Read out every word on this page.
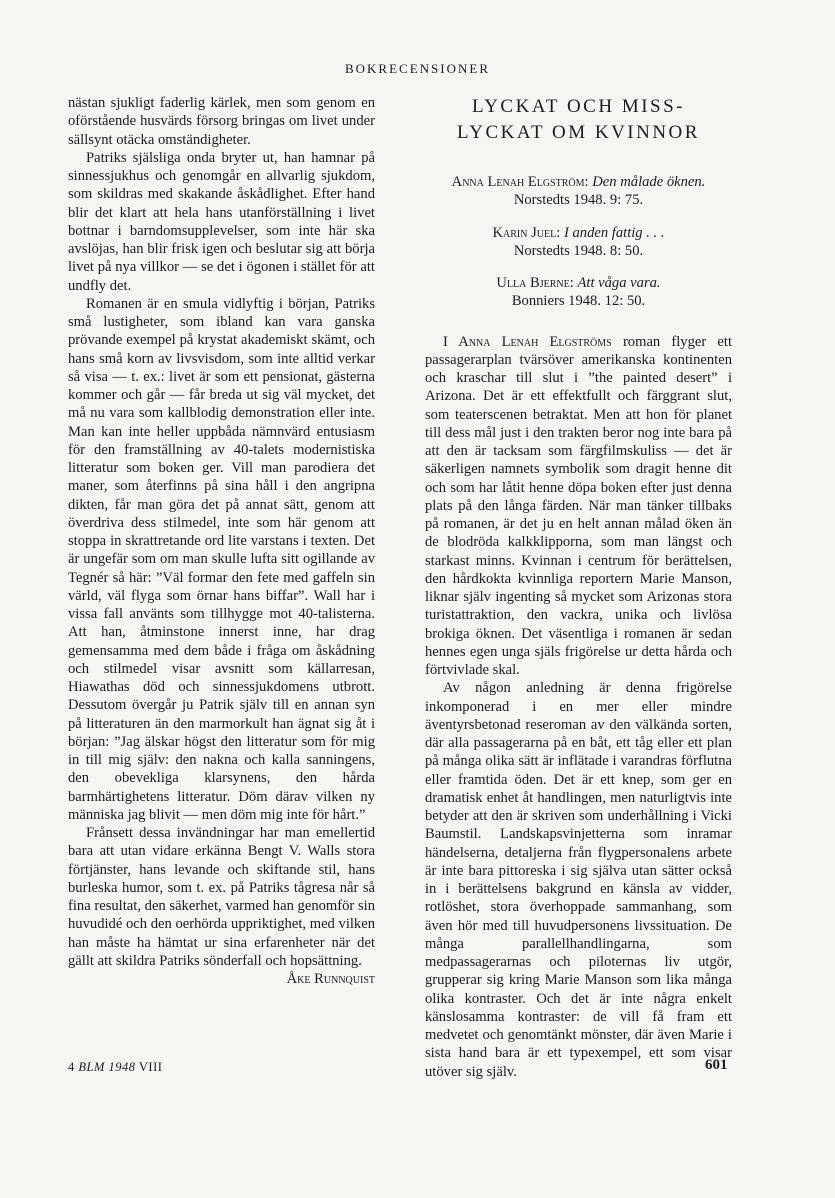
BOKRECENSIONER

nästan sjukligt faderlig kärlek, men som genom en oförstående husvärds försorg bringas om livet under sällsynt otäcka omständigheter.

Patriks själsliga onda bryter ut, han hamnar på sinnessjukhus och genomgår en allvarlig sjukdom, som skildras med skakande åskådlighet. Efter hand blir det klart att hela hans utanförställning i livet bottnar i barndomsupplevelser, som inte här ska avslöjas, han blir frisk igen och beslutar sig att börja livet på nya villkor — se det i ögonen i stället för att undfly det.

Romanen är en smula vidlyftig i början, Patriks små lustigheter, som ibland kan vara ganska prövande exempel på krystat akademiskt skämt, och hans små korn av livsvisdom, som inte alltid verkar så visa — t. ex.: livet är som ett pensionat, gästerna kommer och går — får breda ut sig väl mycket, det må nu vara som kallblodig demonstration eller inte. Man kan inte heller uppbåda nämnvärd entusiasm för den framställning av 40-talets modernistiska litteratur som boken ger. Vill man parodiera det maner, som återfinns på sina håll i den angripna dikten, får man göra det på annat sätt, genom att överdriva dess stilmedel, inte som här genom att stoppa in skrattretande ord lite varstans i texten. Det är ungefär som om man skulle lufta sitt ogillande av Tegnér så här: ”Väl formar den fete med gaffeln sin värld, väl flyga som örnar hans biffar”. Wall har i vissa fall använts som tillhygge mot 40-talisterna. Att han, åtminstone innerst inne, har drag gemensamma med dem både i fråga om åskådning och stilmedel visar avsnitt som källarresan, Hiawathas död och sinnessjukdomens utbrott. Dessutom övergår ju Patrik själv till en annan syn på litteraturen än den marmorkult han ägnat sig åt i början: ”Jag älskar högst den litteratur som för mig in till mig själv: den nakna och kalla sanningens, den obevekliga klarsynens, den hårda barmhärtighetens litteratur. Döm därav vilken ny människa jag blivit — men döm mig inte för hårt.”

Frånsett dessa invändningar har man emellertid bara att utan vidare erkänna Bengt V. Walls stora förtjänster, hans levande och skiftande stil, hans burleska humor, som t. ex. på Patriks tågresa når så fina resultat, den säkerhet, varmed han genomför sin huvudidé och den oerhörda uppriktighet, med vilken han måste ha hämtat ur sina erfarenheter när det gällt att skildra Patriks sönderfall och hopsättning.

Åke Runnquist

LYCKAT OCH MISS-
LYCKAT OM KVINNOR
Anna Lenah Elgström: Den målade öknen.
Norstedts 1948. 9: 75.
Karin Juel: I anden fattig . . .
Norstedts 1948. 8: 50.
Ulla Bjerne: Att våga vara.
Bonniers 1948. 12: 50.

I Anna Lenah Elgströms roman flyger ett passagerarplan tvärsöver amerikanska kontinenten och kraschar till slut i ”the painted desert” i Arizona. Det är ett effektfullt och färggrant slut, som teaterscenen betraktat. Men att hon för planet till dess mål just i den trakten beror nog inte bara på att den är tacksam som färgfilmskuliss — det är säkerligen namnets symbolik som dragit henne dit och som har låtit henne döpa boken efter just denna plats på den långa färden. När man tänker tillbaks på romanen, är det ju en helt annan målad öken än de blodröda kalkklipporna, som man längst och starkast minns. Kvinnan i centrum för berättelsen, den hårdkokta kvinnliga reportern Marie Manson, liknar själv ingenting så mycket som Arizonas stora turistattraktion, den vackra, unika och livlösa brokiga öknen. Det väsentliga i romanen är sedan hennes egen unga själs frigörelse ur detta hårda och förtvivlade skal.

Av någon anledning är denna frigörelse inkomponerad i en mer eller mindre äventyrsbetonad reseroman av den välkända sorten, där alla passagerarna på en båt, ett tåg eller ett plan på många olika sätt är inflätade i varandras förflutna eller framtida öden. Det är ett knep, som ger en dramatisk enhet åt handlingen, men naturligtvis inte betyder att den är skriven som underhållning i Vicki Baumstil. Landskapsvinjetterna som inramar händelserna, detaljerna från flygpersonalens arbete är inte bara pittoreska i sig själva utan sätter också in i berättelsens bakgrund en känsla av vidder, rotlöshet, stora överhoppade sammanhang, som även hör med till huvudpersonens livssituation. De många parallellhandlingarna, som medpassagerarnas och piloternas liv utgör, grupperar sig kring Marie Manson som lika många olika kontraster. Och det är inte några enkelt känslosamma kontraster: de vill få fram ett medvetet och genomtänkt mönster, där även Marie i sista hand bara är ett typexempel, ett som visar utöver sig själv.

4 BLM 1948 VIII	601
